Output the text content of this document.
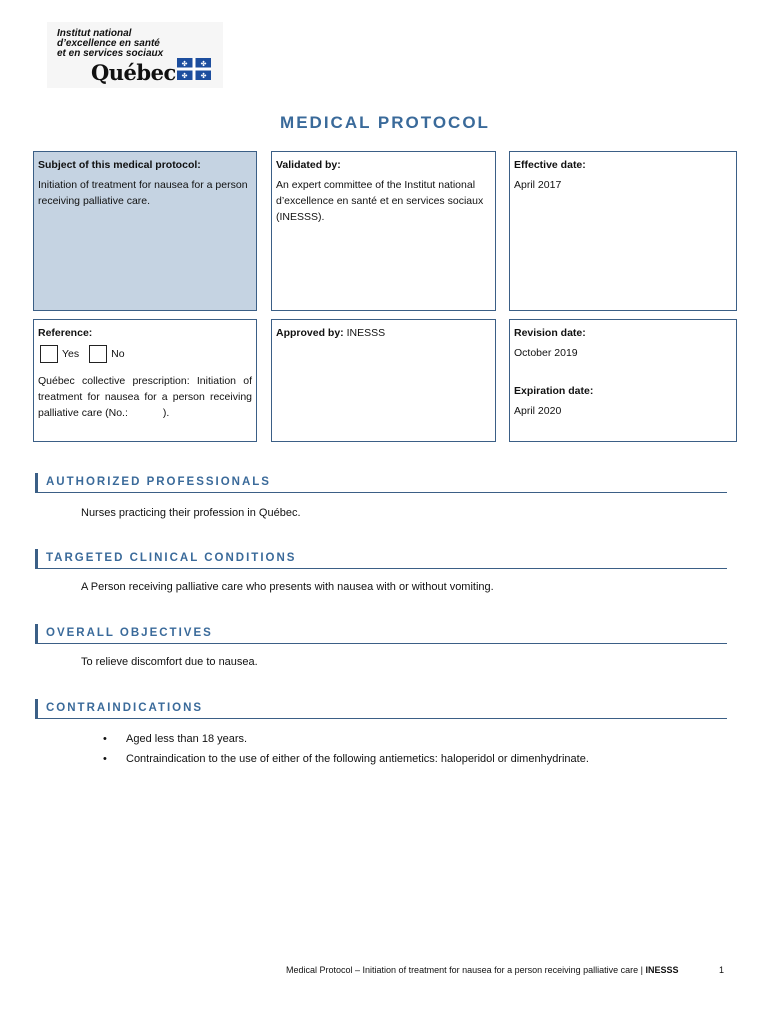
Institut national
d’excellence en santé
et en services sociaux
Québec ✤ ✤
✤ ✤
MEDICAL PROTOCOL
Subject of this medical protocol:
Initiation of treatment for nausea for a person receiving palliative care.
Validated by:
An expert committee of the Institut national d’excellence en santé et en services sociaux (INESSS).
Effective date:
April 2017
Reference:
Yes	No
Québec collective prescription: Initiation of treatment for nausea for a person receiving palliative care (No.:            ).
Approved by: INESSS	Revision date:
October 2019
Expiration date:
April 2020
AUTHORIZED PROFESSIONALS
Nurses practicing their profession in Québec.
TARGETED CLINICAL CONDITIONS
A Person receiving palliative care who presents with nausea with or without vomiting.
OVERALL OBJECTIVES
To relieve discomfort due to nausea.
CONTRAINDICATIONS
• Aged less than 18 years.
• Contraindication to the use of either of the following antiemetics: haloperidol or dimenhydrinate.
Medical Protocol – Initiation of treatment for nausea for a person receiving palliative care | INESSS	1
